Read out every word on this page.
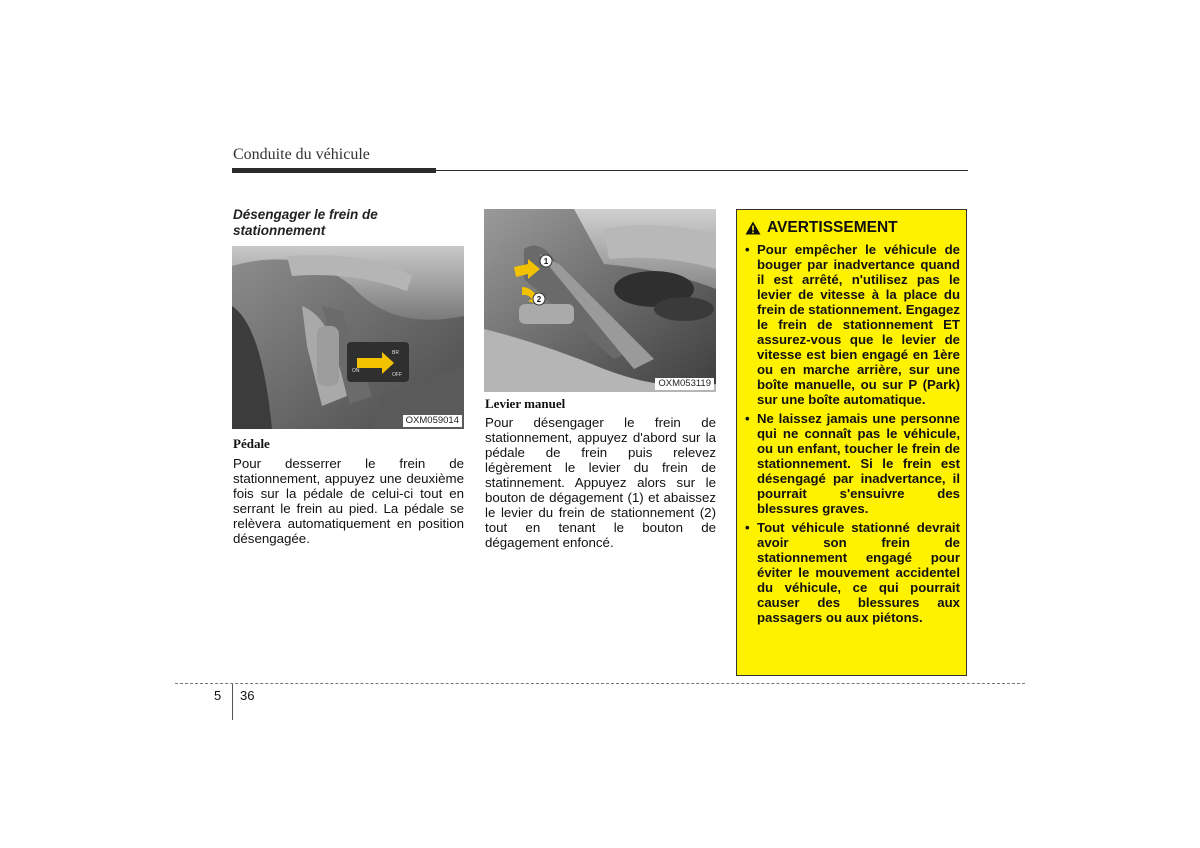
Conduite du véhicule
Désengager le frein de stationnement
ON
BR
OFF
OXM059014
Pédale
Pour desserrer le frein de stationnement, appuyez une deuxième fois sur la pédale de celui-ci tout en serrant le frein au pied. La pédale se relèvera automatiquement en position désengagée.
1
2
OXM053119
Levier manuel
Pour désengager le frein de stationnement, appuyez d'abord sur la pédale de frein puis relevez légèrement le levier du frein de statinnement. Appuyez alors sur le bouton de dégagement (1) et abaissez le levier du frein de stationnement (2) tout en tenant le bouton de dégagement enfoncé.
AVERTISSEMENT
• Pour empêcher le véhicule de bouger par inadvertance quand il est arrêté, n'utilisez pas le levier de vitesse à la place du frein de stationnement. Engagez le frein de stationnement ET assurez-vous que le levier de vitesse est bien engagé en 1ère ou en marche arrière, sur une boîte manuelle, ou sur P (Park) sur une boîte automatique.
• Ne laissez jamais une personne qui ne connaît pas le véhicule, ou un enfant, toucher le frein de stationnement. Si le frein est désengagé par inadvertance, il pourrait s'ensuivre des blessures graves.
• Tout véhicule stationné devrait avoir son frein de stationnement engagé pour éviter le mouvement accidentel du véhicule, ce qui pourrait causer des blessures aux passagers ou aux piétons.
5 36
